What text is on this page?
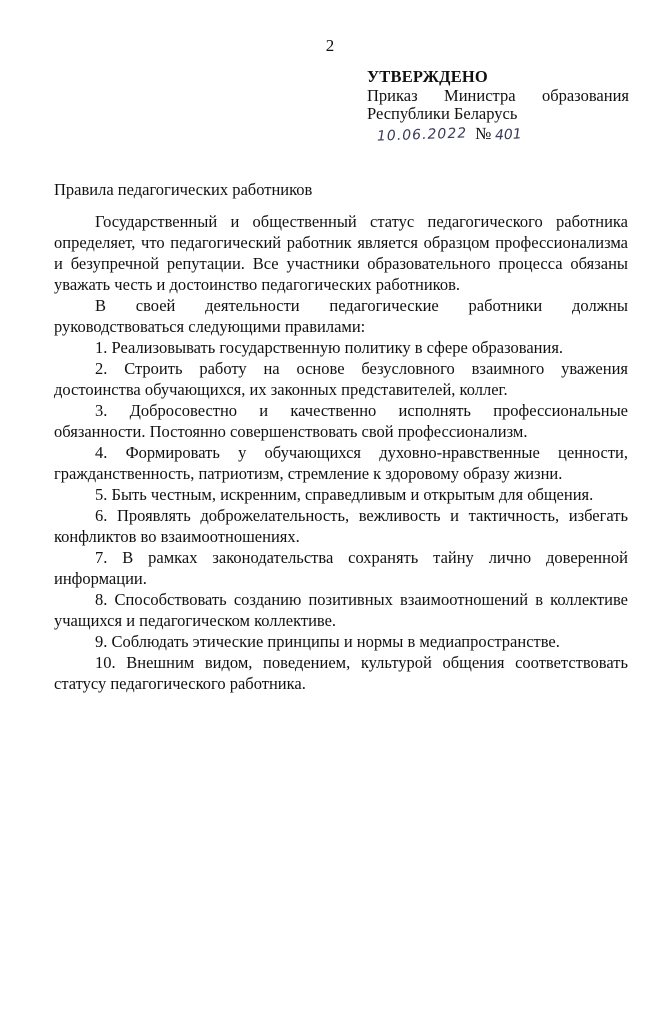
2
УТВЕРЖДЕНО
Приказ Министра образования
Республики Беларусь
10.06.2022 № 401
Правила педагогических работников

Государственный и общественный статус педагогического работника определяет, что педагогический работник является образцом профессионализма и безупречной репутации. Все участники образовательного процесса обязаны уважать честь и достоинство педагогических работников.

В своей деятельности педагогические работники должны руководствоваться следующими правилами:

1. Реализовывать государственную политику в сфере образования.

2. Строить работу на основе безусловного взаимного уважения достоинства обучающихся, их законных представителей, коллег.

3. Добросовестно и качественно исполнять профессиональные обязанности. Постоянно совершенствовать свой профессионализм.

4. Формировать у обучающихся духовно-нравственные ценности, гражданственность, патриотизм, стремление к здоровому образу жизни.

5. Быть честным, искренним, справедливым и открытым для общения.

6. Проявлять доброжелательность, вежливость и тактичность, избегать конфликтов во взаимоотношениях.

7. В рамках законодательства сохранять тайну лично доверенной информации.

8. Способствовать созданию позитивных взаимоотношений в коллективе учащихся и педагогическом коллективе.

9. Соблюдать этические принципы и нормы в медиапространстве.

10. Внешним видом, поведением, культурой общения соответствовать статусу педагогического работника.
